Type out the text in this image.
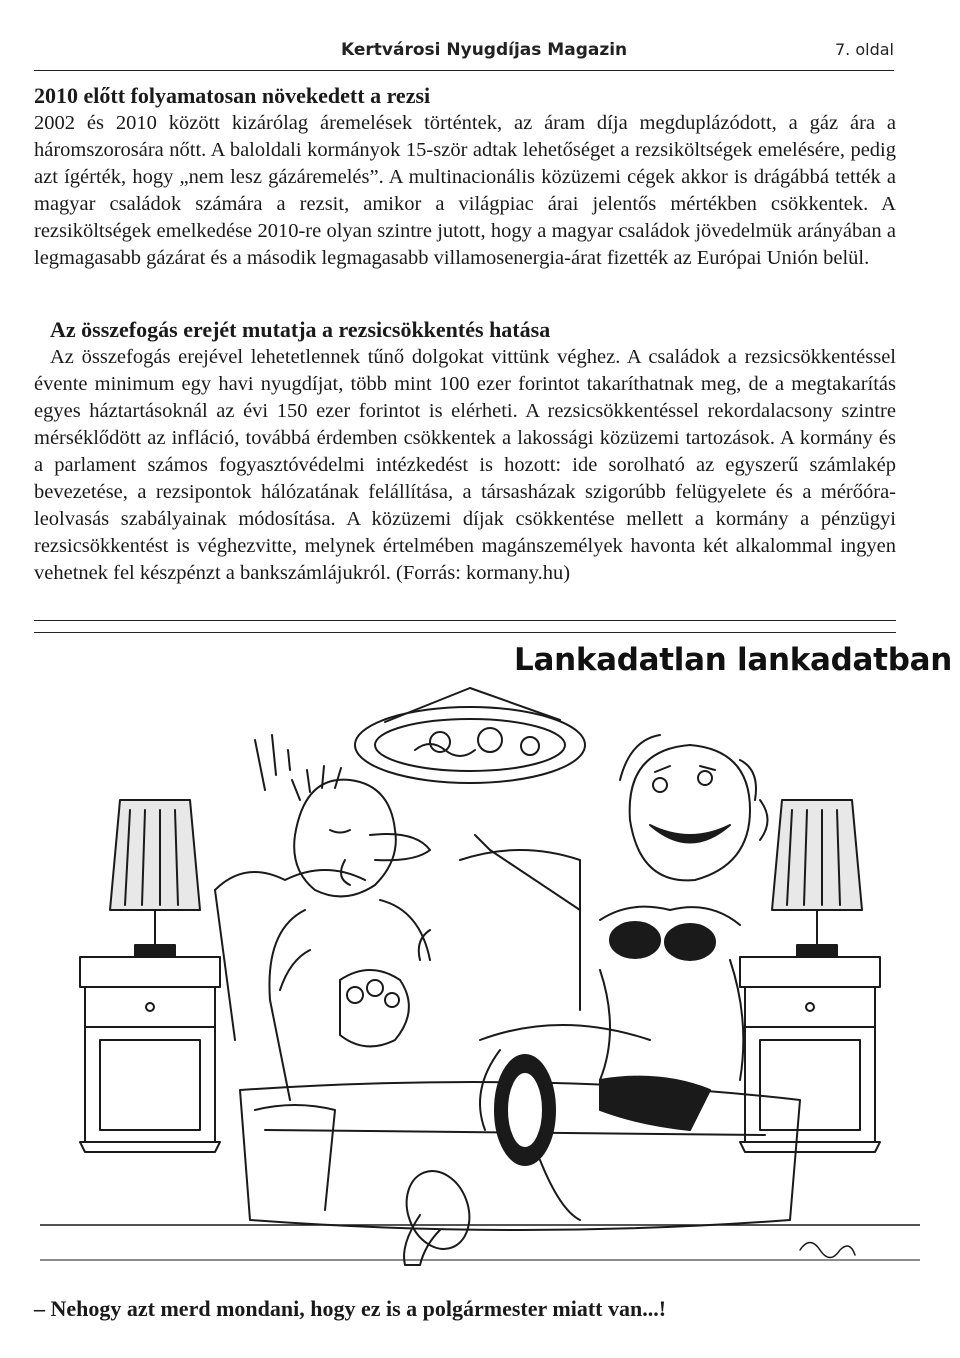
Kertvárosi Nyugdíjas Magazin	7. oldal
2010 előtt folyamatosan növekedett a rezsi

2002 és 2010 között kizárólag áremelések történtek, az áram díja megduplázódott, a gáz ára a háromszorosára nőtt. A baloldali kormányok 15-ször adtak lehetőséget a rezsiköltségek emelésére, pedig azt ígérték, hogy „nem lesz gázáremelés”. A multinacionális közüzemi cégek akkor is drágábbá tették a magyar családok számára a rezsit, amikor a világpiac árai jelentős mértékben csökkentek. A rezsiköltségek emelkedése 2010-re olyan szintre jutott, hogy a magyar családok jövedelmük arányában a legmagasabb gázárat és a második legmagasabb villamosenergia-árat fizették az Európai Unión belül.

Az összefogás erejét mutatja a rezsicsökkentés hatása

Az összefogás erejével lehetetlennek tűnő dolgokat vittünk véghez. A családok a rezsicsökkentéssel évente minimum egy havi nyugdíjat, több mint 100 ezer forintot takaríthatnak meg, de a megtakarítás egyes háztartásoknál az évi 150 ezer forintot is elérheti. A rezsicsökkentéssel rekordalacsony szintre mérséklődött az infláció, továbbá érdemben csökkentek a lakossági közüzemi tartozások. A kormány és a parlament számos fogyasztóvédelmi intézkedést is hozott: ide sorolható az egyszerű számlakép bevezetése, a rezsipontok hálózatának felállítása, a társasházak szigorúbb felügyelete és a mérőóra-leolvasás szabályainak módosítása. A közüzemi díjak csökkentése mellett a kormány a pénzügyi rezsicsökkentést is véghezvitte, melynek értelmében magánszemélyek havonta két alkalommal ingyen vehetnek fel készpénzt a bankszámlájukról. (Forrás: kormany.hu)

Lankadatlan lankadatban
– Nehogy azt merd mondani, hogy ez is a polgármester miatt van...!
